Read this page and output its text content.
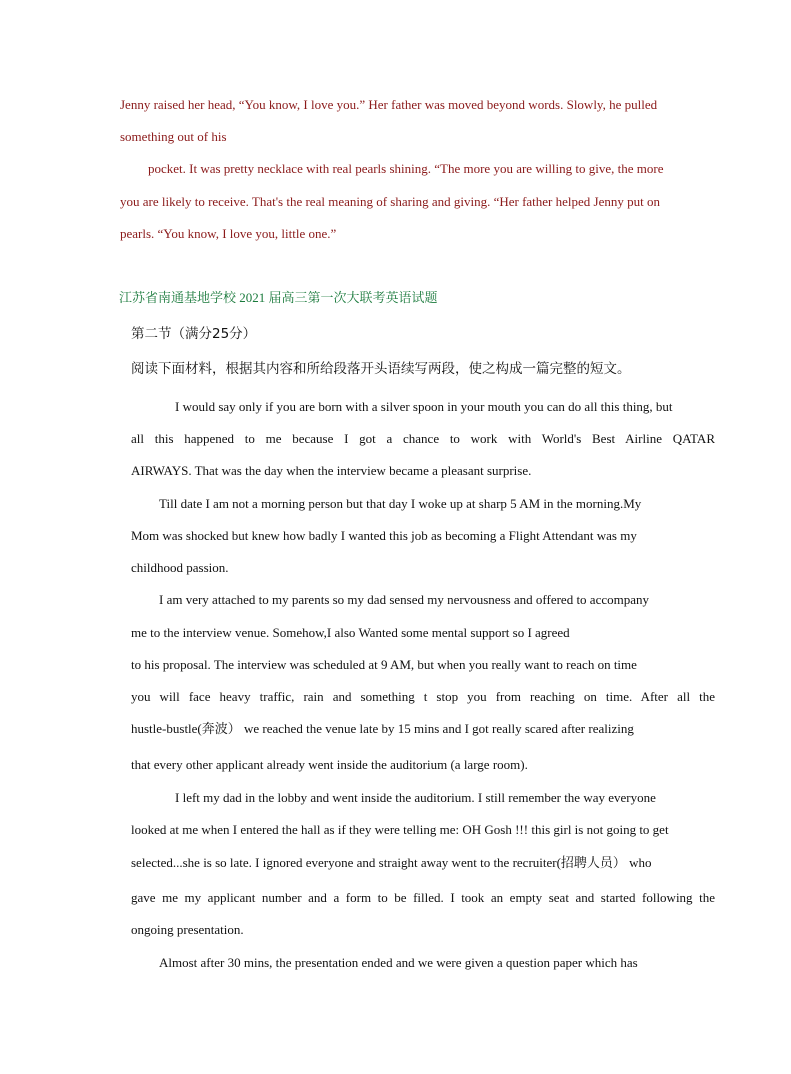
Jenny raised her head, “You know, I love you.” Her father was moved beyond words. Slowly, he pulled
something out of his
pocket. It was pretty necklace with real pearls shining. “The more you are willing to give, the more
you are likely to receive. That's the real meaning of sharing and giving. “Her father helped Jenny put on
pearls. “You know, I love you, little one.”
江苏省南通基地学校 2021 届高三第一次大联考英语试题
第二节（满分25分）
阅读下面材料，根据其内容和所给段落开头语续写两段，使之构成一篇完整的短文。
I would say only if you are born with a silver spoon in your mouth you can do all this thing, but
all this happened to me because I got a chance to work with World's Best Airline QATAR
AIRWAYS. That was the day when the interview became a pleasant surprise.
Till date I am not a morning person but that day I woke up at sharp 5 AM in the morning.My
Mom was shocked but knew how badly I wanted this job as becoming a Flight Attendant was my
childhood passion.
I am very attached to my parents so my dad sensed my nervousness and offered to accompany
me to the interview venue. Somehow,I also Wanted some mental support so I agreed
to his proposal. The interview was scheduled at 9 AM, but when you really want to reach on time
you will face heavy traffic, rain and something t stop you from reaching on time. After all the
hustle-bustle(奔波） we reached the venue late by 15 mins and I got really scared after realizing
that every other applicant already went inside the auditorium (a large room).
I left my dad in the lobby and went inside the auditorium. I still remember the way everyone
looked at me when I entered the hall as if they were telling me: OH Gosh !!! this girl is not going to get
selected...she is so late. I ignored everyone and straight away went to the recruiter(招聘人员） who
gave me my applicant number and a form to be filled. I took an empty seat and started following the
ongoing presentation.
Almost after 30 mins, the presentation ended and we were given a question paper which has
